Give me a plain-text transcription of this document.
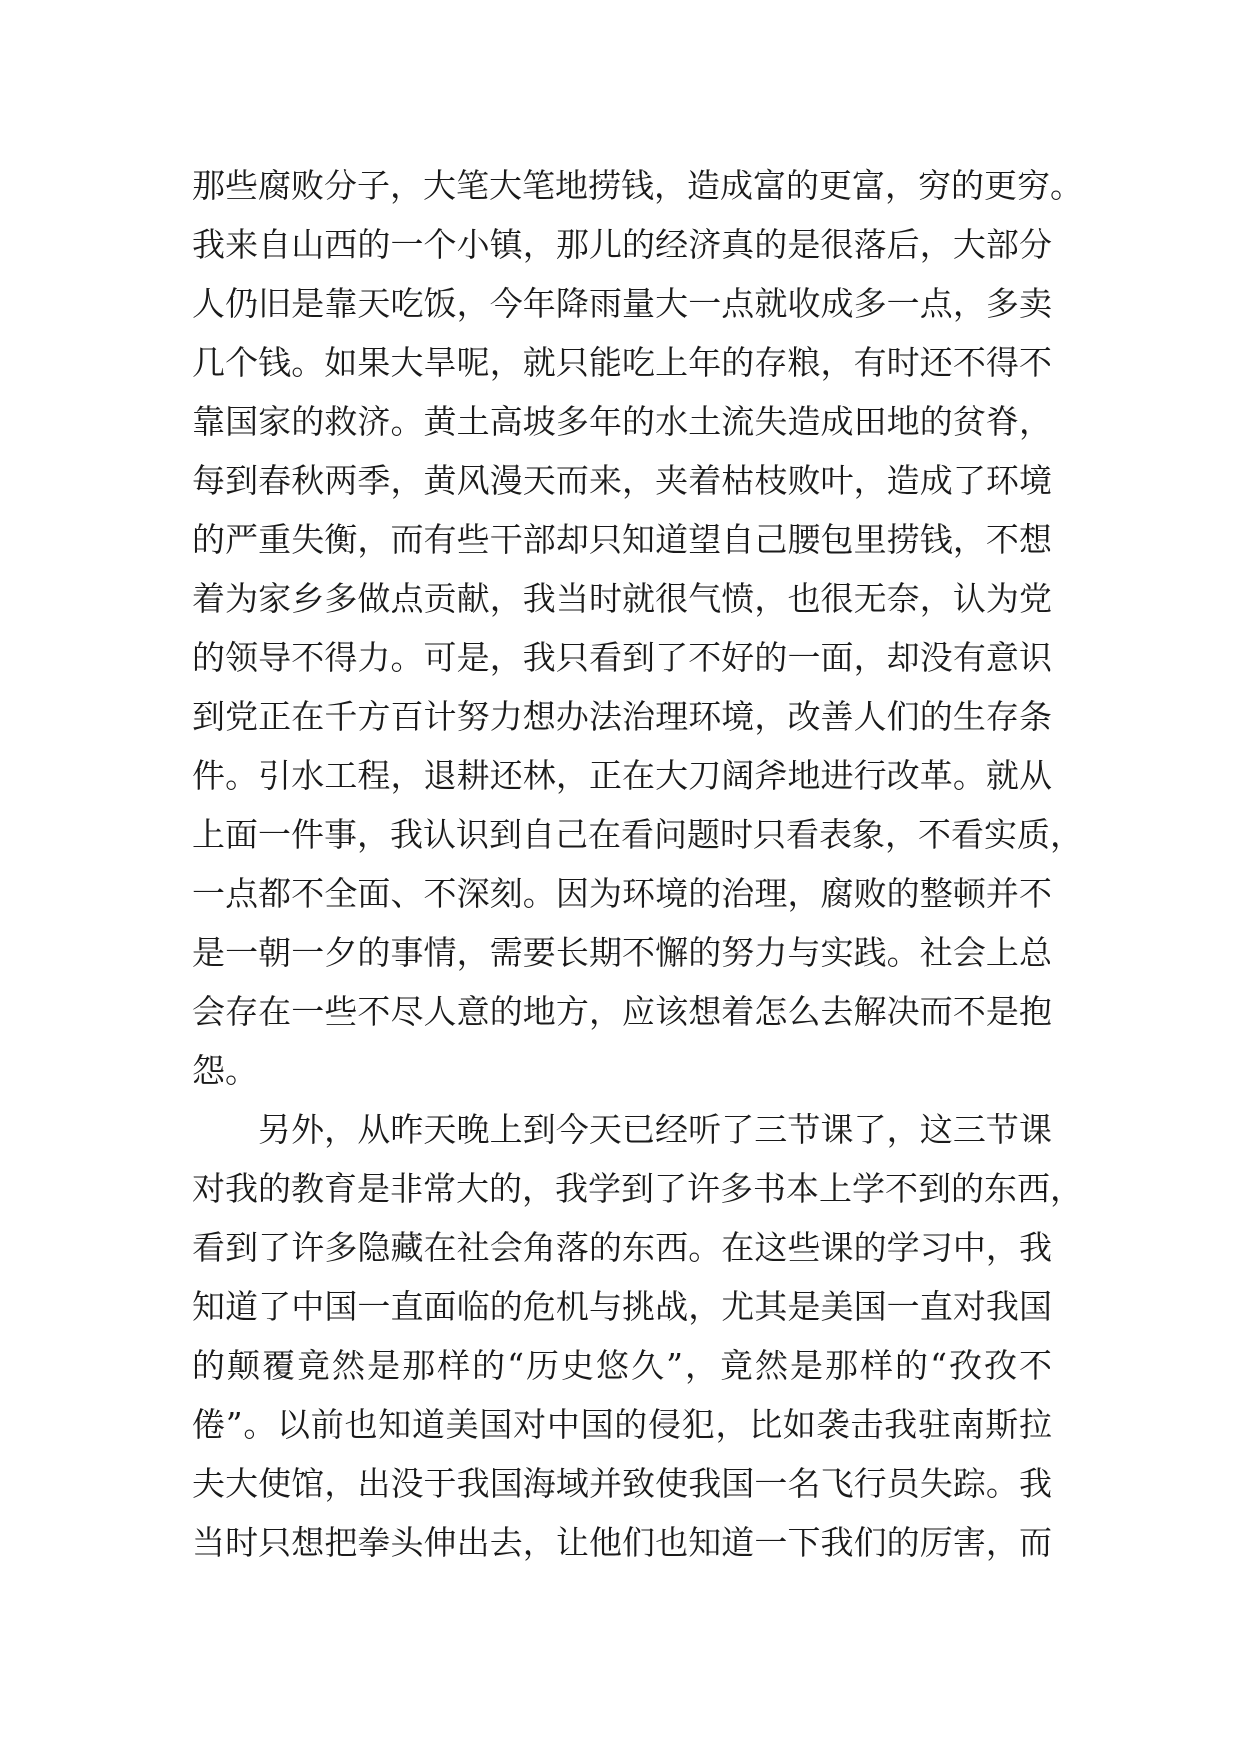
那些腐败分子，大笔大笔地捞钱，造成富的更富，穷的更穷。
我来自山西的一个小镇，那儿的经济真的是很落后，大部分
人仍旧是靠天吃饭，今年降雨量大一点就收成多一点，多卖
几个钱。如果大旱呢，就只能吃上年的存粮，有时还不得不
靠国家的救济。黄土高坡多年的水土流失造成田地的贫脊，
每到春秋两季，黄风漫天而来，夹着枯枝败叶，造成了环境
的严重失衡，而有些干部却只知道望自己腰包里捞钱，不想
着为家乡多做点贡献，我当时就很气愤，也很无奈，认为党
的领导不得力。可是，我只看到了不好的一面，却没有意识
到党正在千方百计努力想办法治理环境，改善人们的生存条
件。引水工程，退耕还林，正在大刀阔斧地进行改革。就从
上面一件事，我认识到自己在看问题时只看表象，不看实质，
一点都不全面、不深刻。因为环境的治理，腐败的整顿并不
是一朝一夕的事情，需要长期不懈的努力与实践。社会上总
会存在一些不尽人意的地方，应该想着怎么去解决而不是抱
怨。
另外，从昨天晚上到今天已经听了三节课了，这三节课
对我的教育是非常大的，我学到了许多书本上学不到的东西，
看到了许多隐藏在社会角落的东西。在这些课的学习中，我
知道了中国一直面临的危机与挑战，尤其是美国一直对我国
的颠覆竟然是那样的“历史悠久”，竟然是那样的“孜孜不
倦”。以前也知道美国对中国的侵犯，比如袭击我驻南斯拉
夫大使馆，出没于我国海域并致使我国一名飞行员失踪。我
当时只想把拳头伸出去，让他们也知道一下我们的厉害，而
